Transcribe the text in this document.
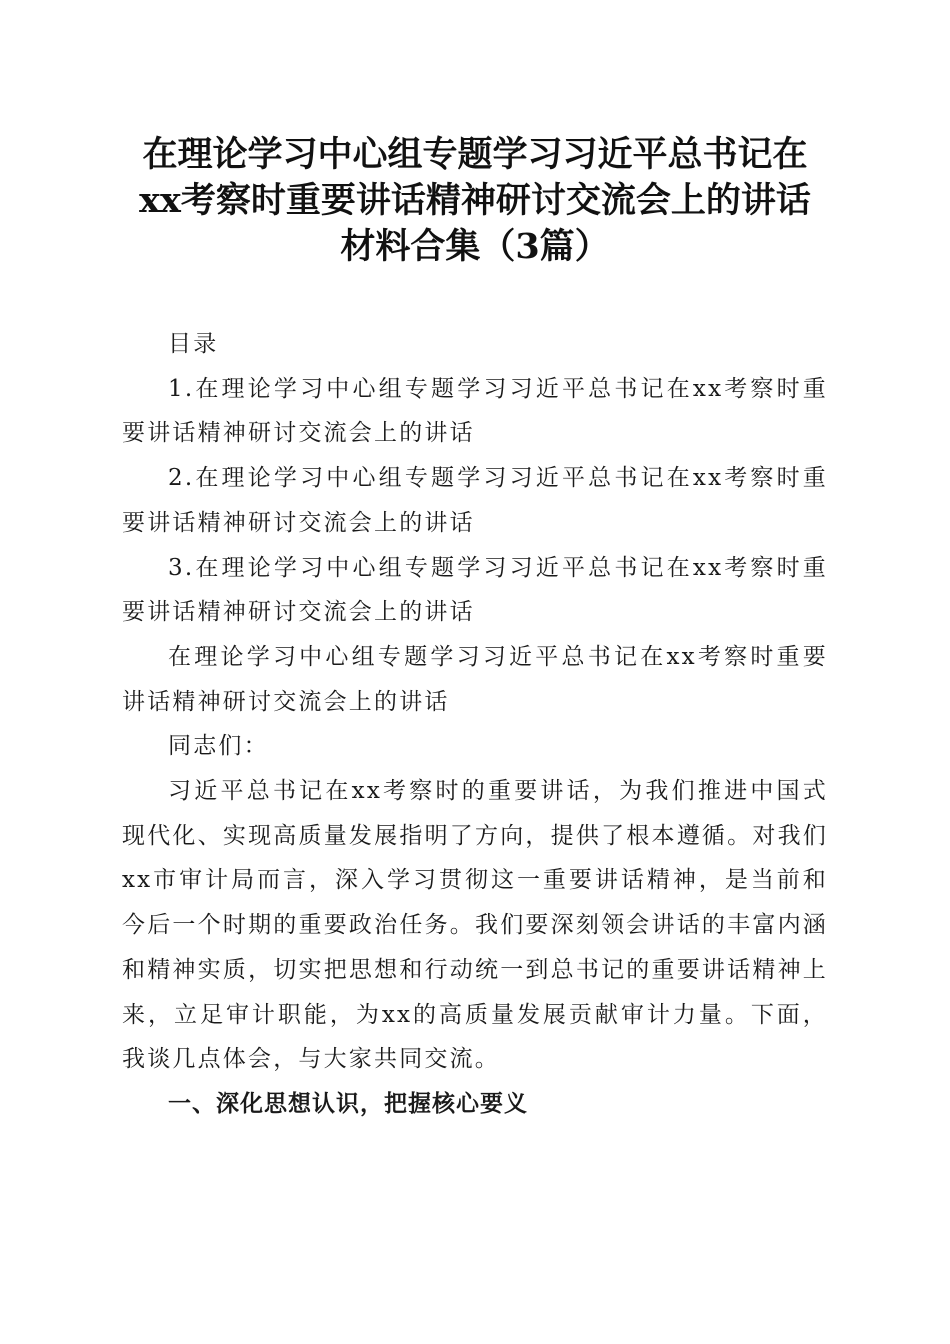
在理论学习中心组专题学习习近平总书记在
xx考察时重要讲话精神研讨交流会上的讲话
材料合集（3篇）

目录

1.在理论学习中心组专题学习习近平总书记在xx考察时重要讲话精神研讨交流会上的讲话

2.在理论学习中心组专题学习习近平总书记在xx考察时重要讲话精神研讨交流会上的讲话

3.在理论学习中心组专题学习习近平总书记在xx考察时重要讲话精神研讨交流会上的讲话

在理论学习中心组专题学习习近平总书记在xx考察时重要讲话精神研讨交流会上的讲话

同志们：

习近平总书记在xx考察时的重要讲话，为我们推进中国式现代化、实现高质量发展指明了方向，提供了根本遵循。对我们xx市审计局而言，深入学习贯彻这一重要讲话精神，是当前和今后一个时期的重要政治任务。我们要深刻领会讲话的丰富内涵和精神实质，切实把思想和行动统一到总书记的重要讲话精神上来，立足审计职能，为xx的高质量发展贡献审计力量。下面，我谈几点体会，与大家共同交流。

一、深化思想认识，把握核心要义
